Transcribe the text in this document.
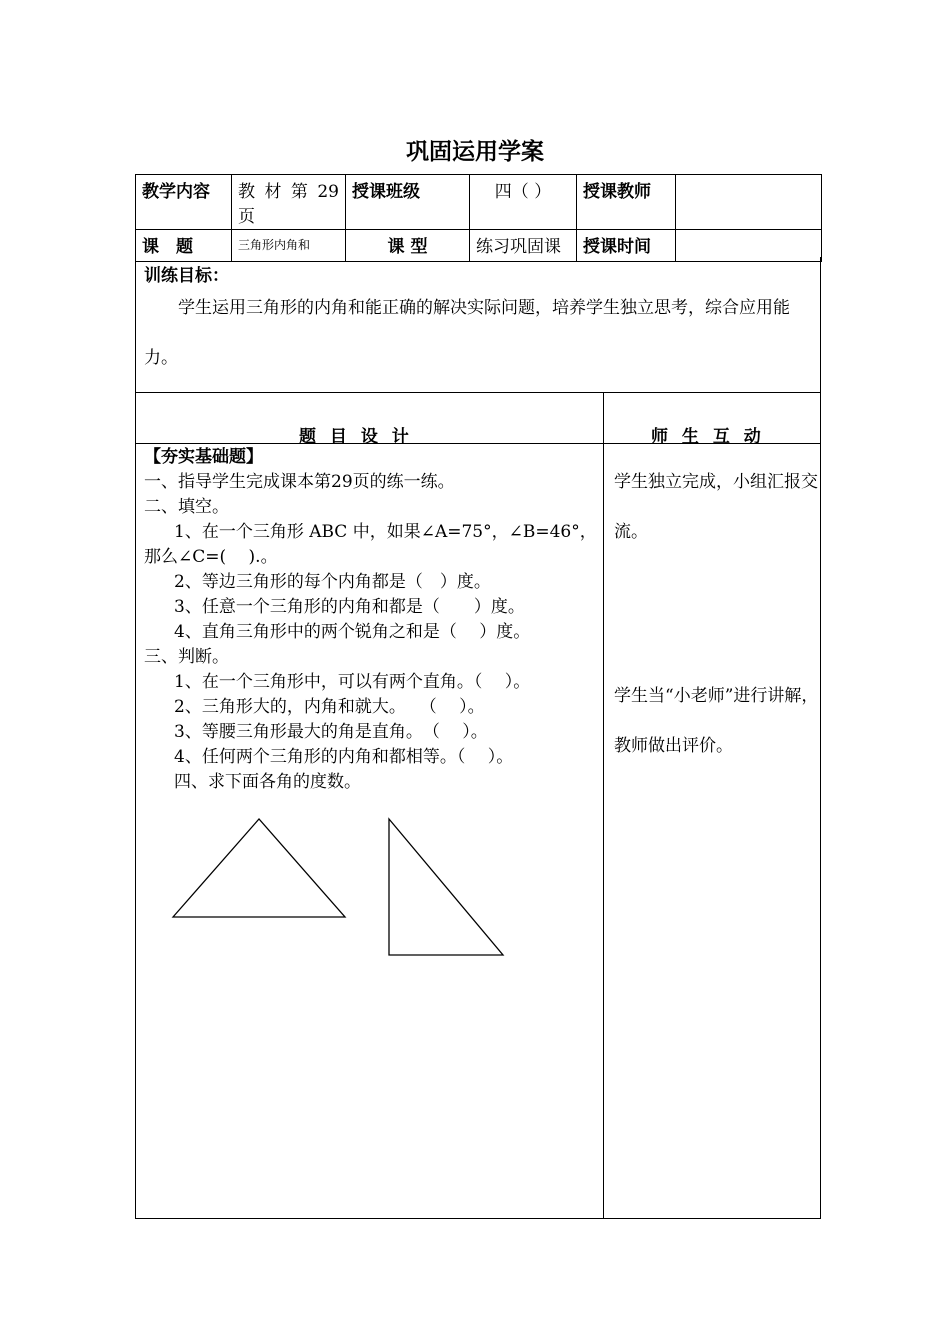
巩固运用学案
教学内容	教 材 第 29 页	授课班级	四（ ）	授课教师	
课　题	三角形内角和	课 型	练习巩固课	授课时间	
训练目标：
学生运用三角形的内角和能正确的解决实际问题，培养学生独立思考，综合应用能力。
题 目 设 计	师 生 互 动
【夯实基础题】
一、指导学生完成课本第29页的练一练。
二、填空。
1、在一个三角形 ABC 中，如果∠A=75°，∠B=46°，
那么∠C=(　 ).。
2、等边三角形的每个内角都是（　）度。
3、任意一个三角形的内角和都是（　　）度。
4、直角三角形中的两个锐角之和是（　 ）度。
三、判断。
1、在一个三角形中，可以有两个直角。（　 ）。
2、三角形大的，内角和就大。　 （　 ）。
3、等腰三角形最大的角是直角。　（　 ）。
4、任何两个三角形的内角和都相等。（　 ）。
四、求下面各角的度数。
学生独立完成，小组汇报交流。
学生当“小老师”进行讲解，教师做出评价。
